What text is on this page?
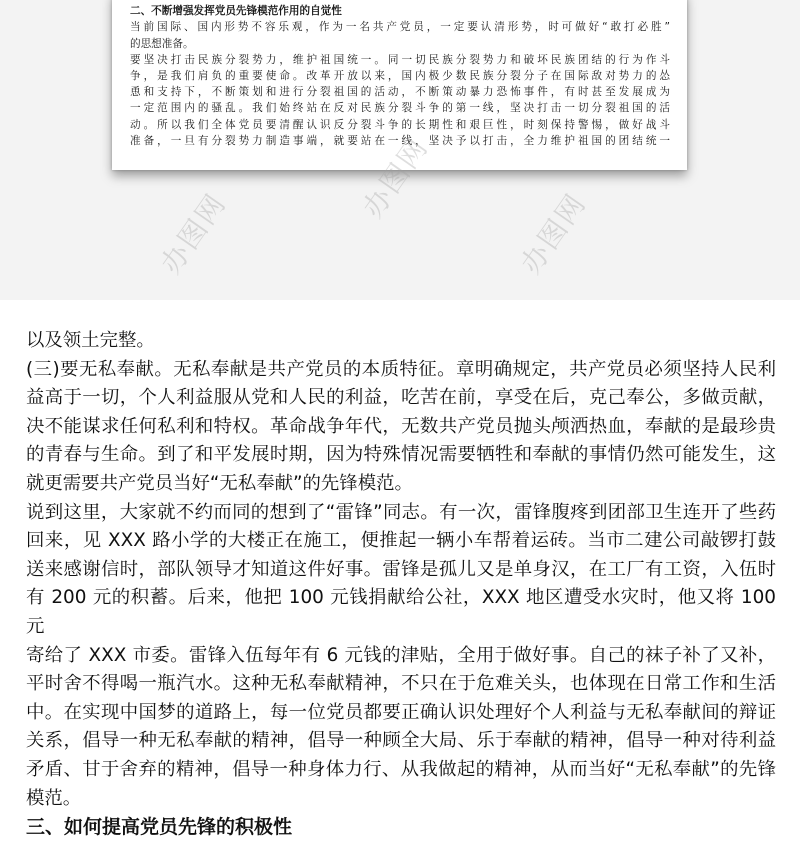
二、不断增强发挥党员先锋模范作用的自觉性

当前国际、国内形势不容乐观，作为一名共产党员，一定要认清形势，时可做好“敢打必胜”

的思想准备。

要坚决打击民族分裂势力，维护祖国统一。同一切民族分裂势力和破坏民族团结的行为作斗

争，是我们肩负的重要使命。改革开放以来，国内极少数民族分裂分子在国际敌对势力的怂

恿和支持下，不断策划和进行分裂祖国的活动，不断策动暴力恐怖事件，有时甚至发展成为

一定范围内的骚乱。我们始终站在反对民族分裂斗争的第一线，坚决打击一切分裂祖国的活

动。所以我们全体党员要清醒认识反分裂斗争的长期性和艰巨性，时刻保持警惕，做好战斗

准备，一旦有分裂势力制造事端，就要站在一线，坚决予以打击，全力维护祖国的团结统一

办图网
办图网	办图网

以及领土完整。

(三)要无私奉献。无私奉献是共产党员的本质特征。章明确规定，共产党员必须坚持人民利

益高于一切，个人利益服从党和人民的利益，吃苦在前，享受在后，克己奉公，多做贡献，

决不能谋求任何私利和特权。革命战争年代，无数共产党员抛头颅洒热血，奉献的是最珍贵

的青春与生命。到了和平发展时期，因为特殊情况需要牺牲和奉献的事情仍然可能发生，这

就更需要共产党员当好“无私奉献”的先锋模范。

说到这里，大家就不约而同的想到了“雷锋”同志。有一次，雷锋腹疼到团部卫生连开了些药

回来，见 XXX 路小学的大楼正在施工，便推起一辆小车帮着运砖。当市二建公司敲锣打鼓

送来感谢信时，部队领导才知道这件好事。雷锋是孤儿又是单身汉，在工厂有工资，入伍时

有 200 元的积蓄。后来，他把 100 元钱捐献给公社，XXX 地区遭受水灾时，他又将 100 元

寄给了 XXX 市委。雷锋入伍每年有 6 元钱的津贴，全用于做好事。自己的袜子补了又补，

平时舍不得喝一瓶汽水。这种无私奉献精神，不只在于危难关头，也体现在日常工作和生活

中。在实现中国梦的道路上，每一位党员都要正确认识处理好个人利益与无私奉献间的辩证

关系，倡导一种无私奉献的精神，倡导一种顾全大局、乐于奉献的精神，倡导一种对待利益

矛盾、甘于舍弃的精神，倡导一种身体力行、从我做起的精神，从而当好“无私奉献”的先锋

模范。

三、如何提高党员先锋的积极性
